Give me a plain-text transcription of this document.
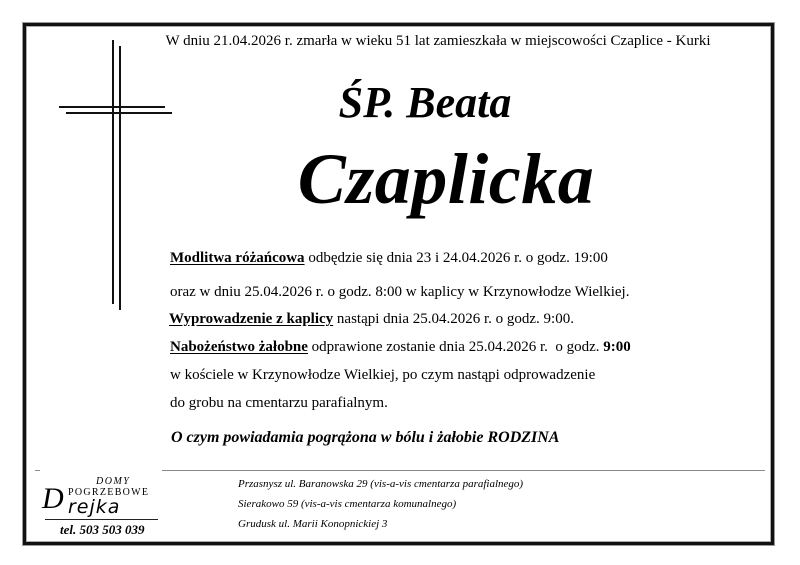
W dniu 21.04.2026 r. zmarła w wieku 51 lat zamieszkała w miejscowości Czaplice - Kurki
ŚP. Beata
Czaplicka
Modlitwa różańcowa odbędzie się dnia 23 i 24.04.2026 r. o godz. 19:00
oraz w dniu 25.04.2026 r. o godz. 8:00 w kaplicy w Krzynowłodze Wielkiej.
Wyprowadzenie z kaplicy nastąpi dnia 25.04.2026 r. o godz. 9:00.
Nabożeństwo żałobne odprawione zostanie dnia 25.04.2026 r.  o godz. 9:00
w kościele w Krzynowłodze Wielkiej, po czym nastąpi odprowadzenie
do grobu na cmentarzu parafialnym.
O czym powiadamia pogrążona w bólu i żałobie RODZINA
DOMY
POGRZEBOWE
D rejka
tel. 503 503 039
Przasnysz ul. Baranowska 29 (vis-a-vis cmentarza parafialnego)
Sierakowo 59 (vis-a-vis cmentarza komunalnego)
Grudusk ul. Marii Konopnickiej 3
